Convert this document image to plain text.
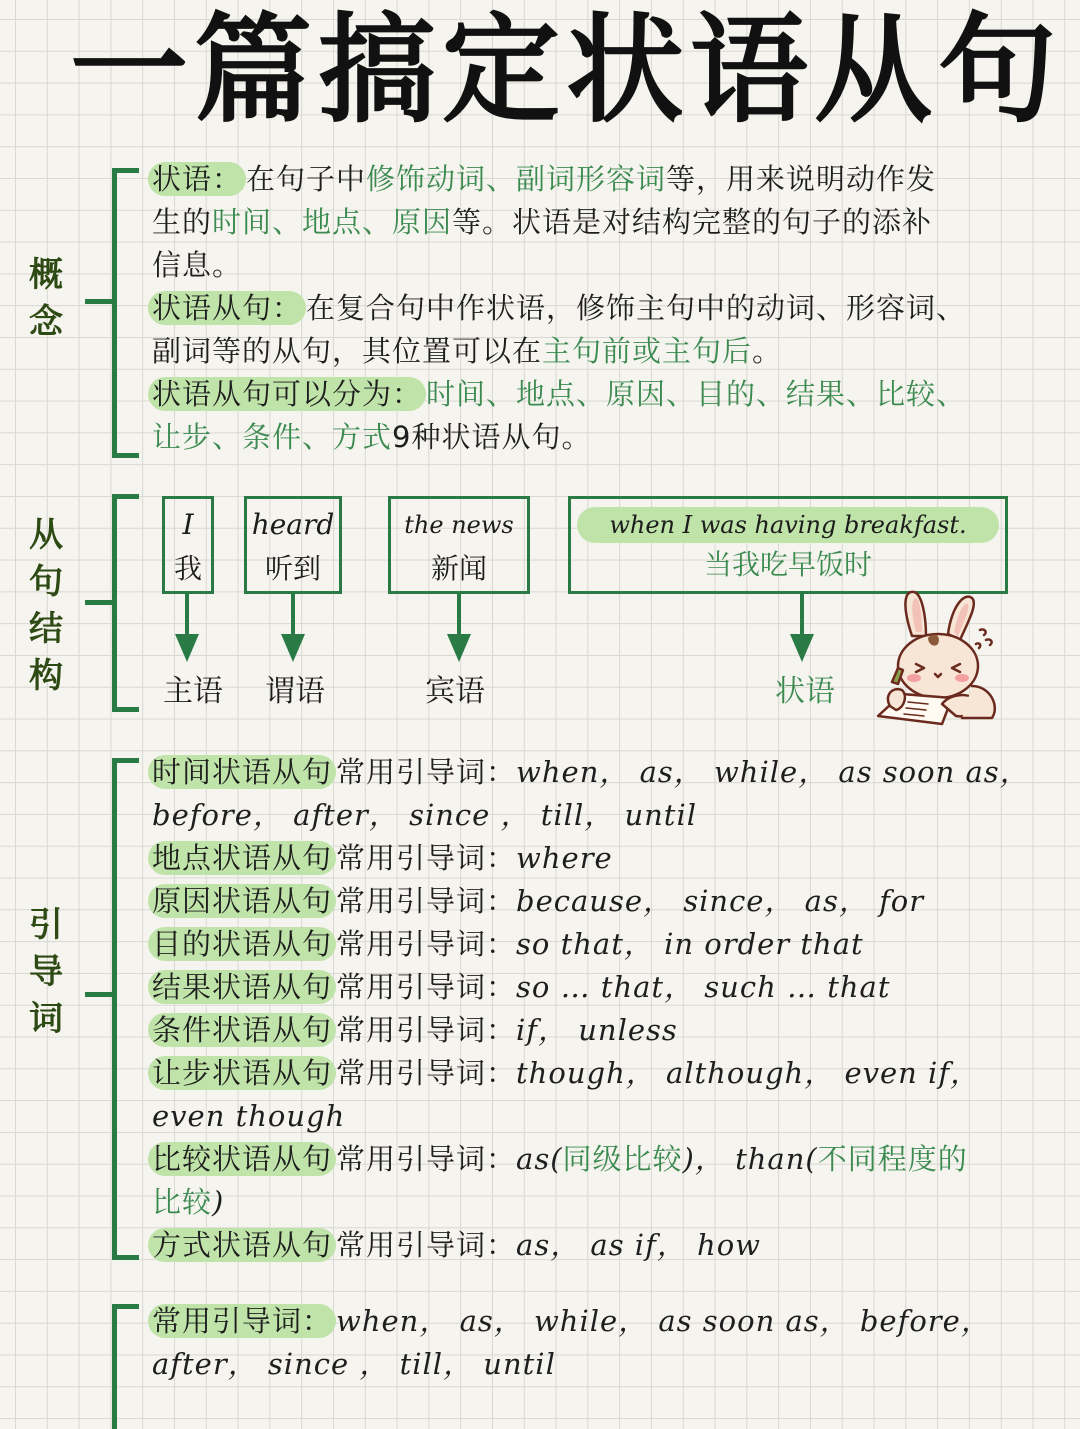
一篇搞定状语从句
概
念
状语： 在句子中修饰动词、副词形容词等，用来说明动作发
生的时间、地点、原因等。状语是对结构完整的句子的添补
信息。
状语从句： 在复合句中作状语，修饰主句中的动词、形容词、
副词等的从句，其位置可以在主句前或主句后。
状语从句可以分为： 时间、地点、原因、目的、结果、比较、
让步、条件、方式9种状语从句。
从
句
结
构
I
我
heard
听到
the news
新闻
when I was having breakfast.
当我吃早饭时
主语	谓语	宾语	状语
引
导
词
时间状语从句 常用引导词：when， as， while， as soon as，
before， after， since ， till， until
地点状语从句 常用引导词：where
原因状语从句 常用引导词：because， since， as， for
目的状语从句 常用引导词：so that， in order that
结果状语从句 常用引导词：so … that， such … that
条件状语从句 常用引导词：if， unless
让步状语从句 常用引导词：though， although， even if，
even though
比较状语从句 常用引导词：as(同级比较)， than(不同程度的
比较)
方式状语从句 常用引导词：as， as if， how
常用引导词： when， as， while， as soon as， before，
after， since ， till， until
